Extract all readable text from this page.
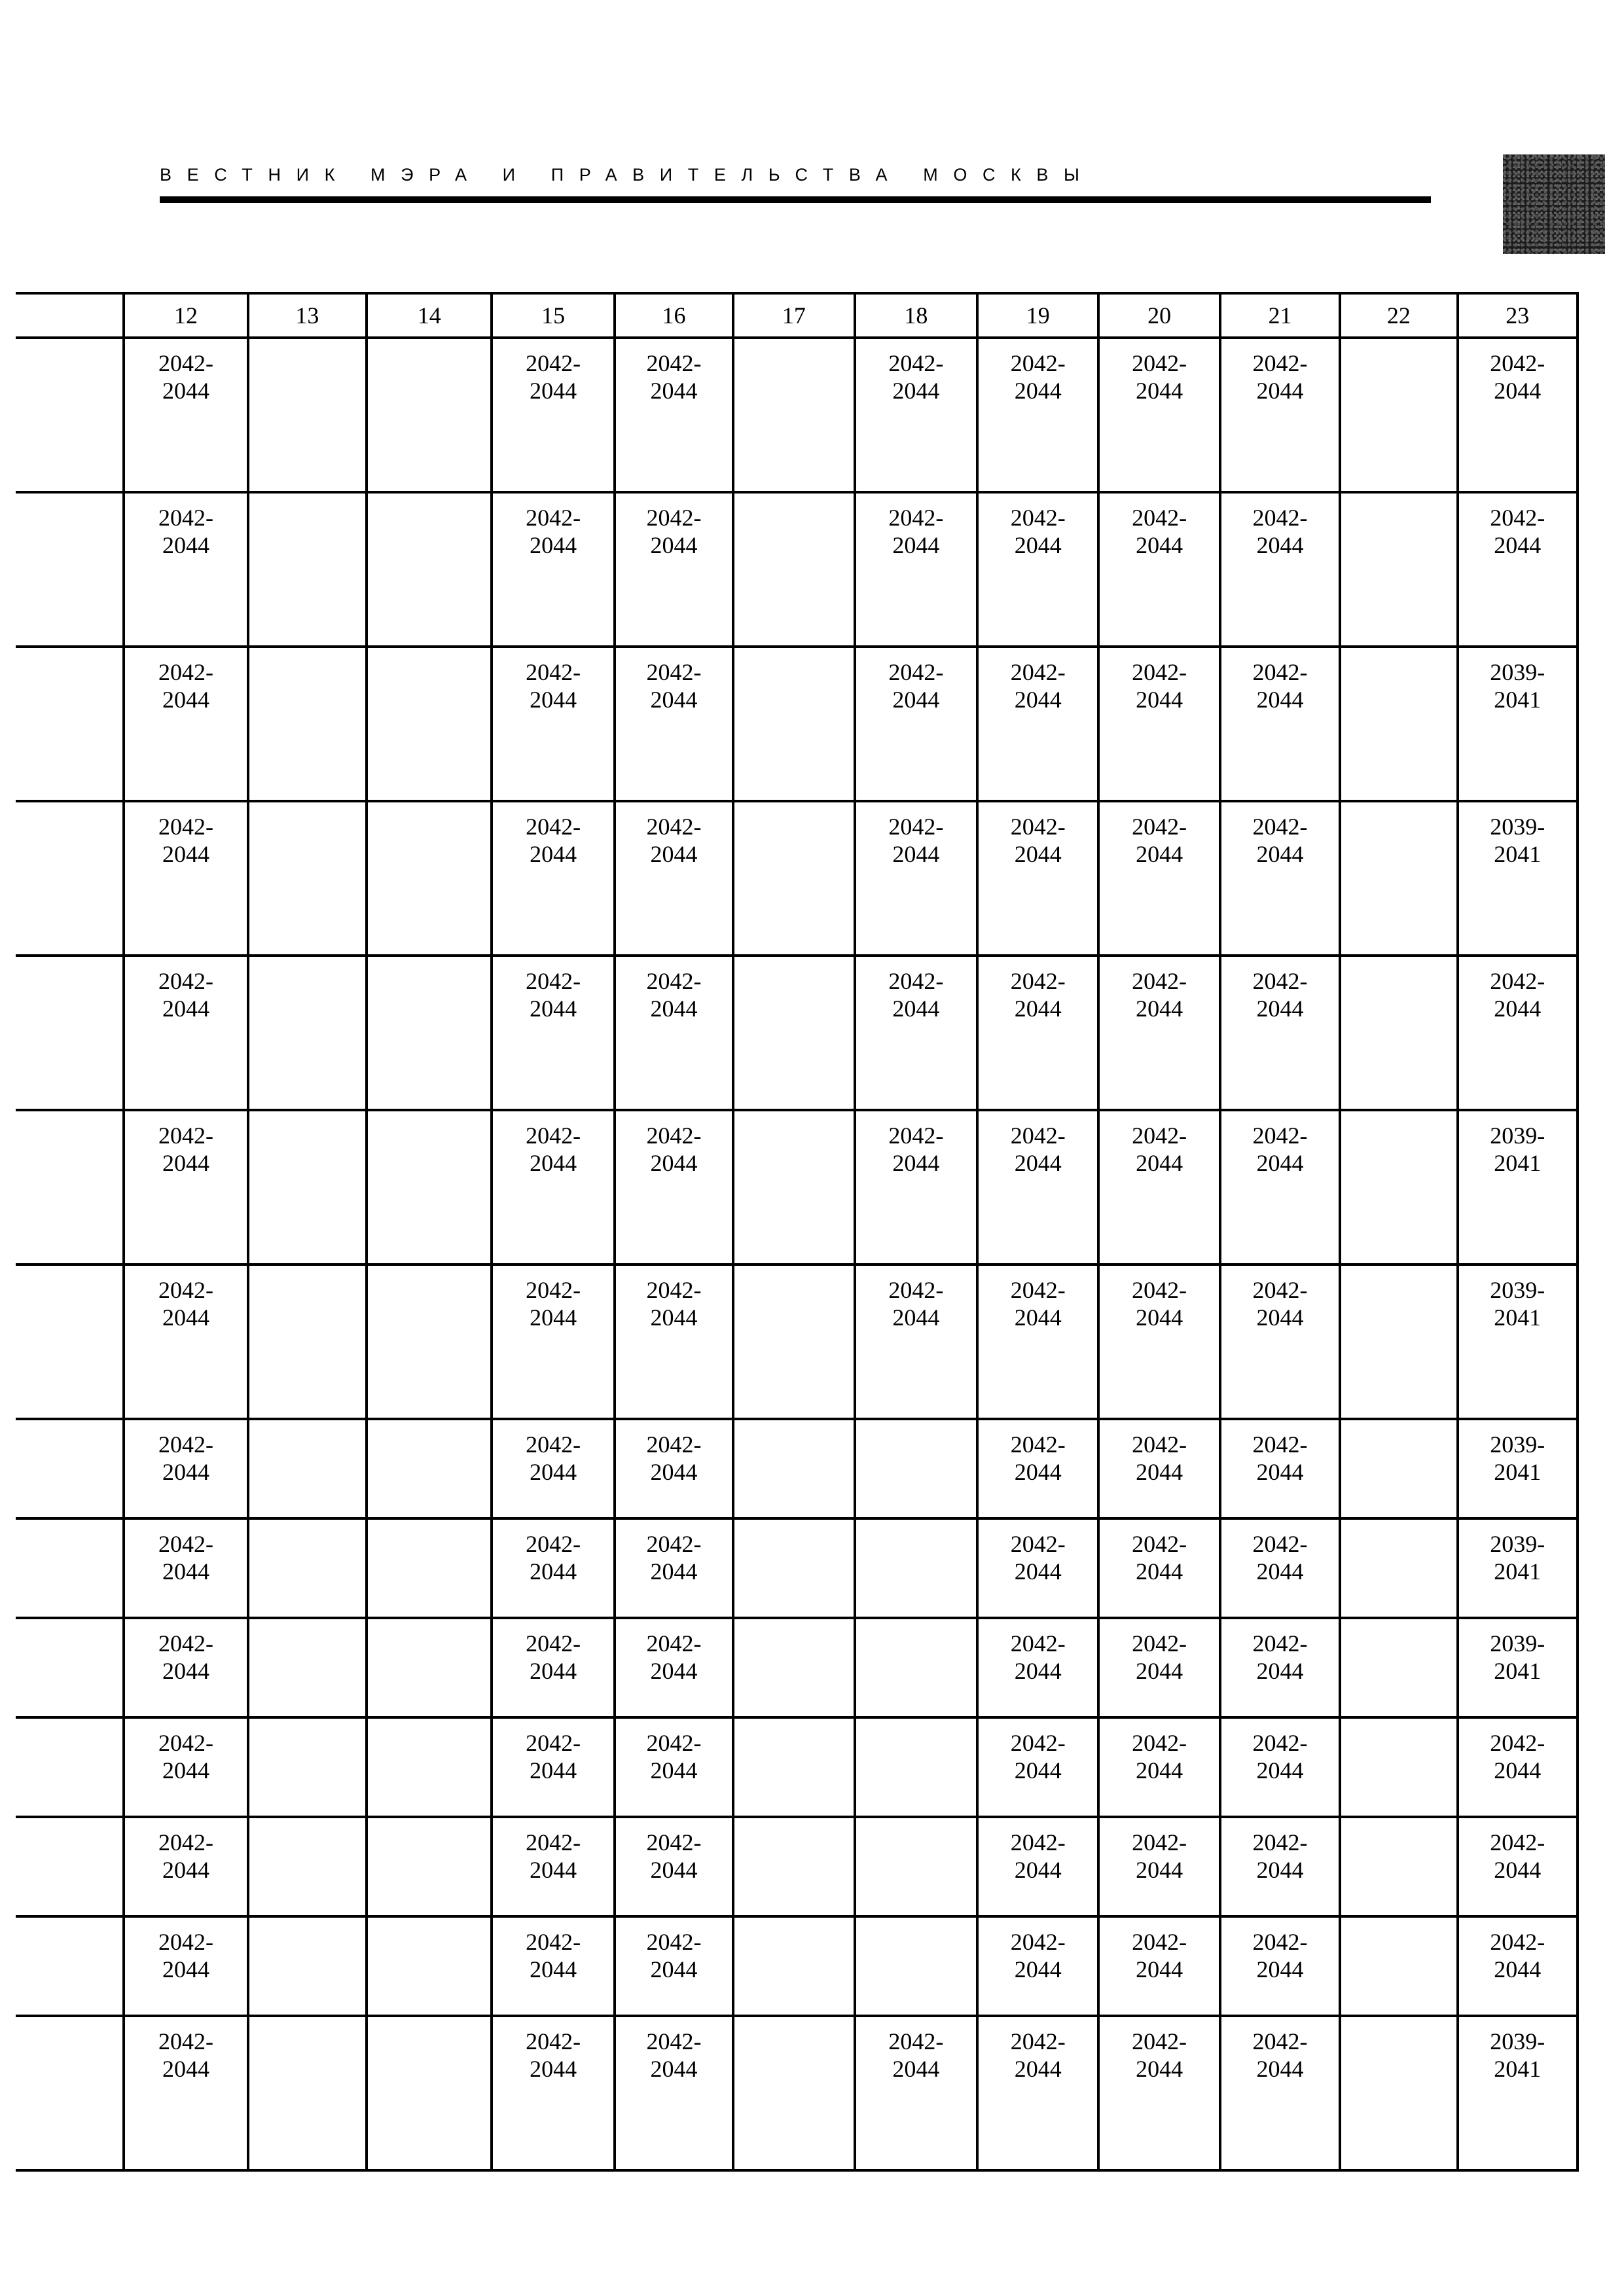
ВЕСТНИК МЭРА И ПРАВИТЕЛЬСТВА МОСКВЫ
	12	13	14	15	16	17	18	19	20	21	22	23

	2042-
2044			2042-
2044	2042-
2044		2042-
2044	2042-
2044	2042-
2044	2042-
2044		2042-
2044

	2042-
2044			2042-
2044	2042-
2044		2042-
2044	2042-
2044	2042-
2044	2042-
2044		2042-
2044

	2042-
2044			2042-
2044	2042-
2044		2042-
2044	2042-
2044	2042-
2044	2042-
2044		2039-
2041

	2042-
2044			2042-
2044	2042-
2044		2042-
2044	2042-
2044	2042-
2044	2042-
2044		2039-
2041

	2042-
2044			2042-
2044	2042-
2044		2042-
2044	2042-
2044	2042-
2044	2042-
2044		2042-
2044

	2042-
2044			2042-
2044	2042-
2044		2042-
2044	2042-
2044	2042-
2044	2042-
2044		2039-
2041

	2042-
2044			2042-
2044	2042-
2044		2042-
2044	2042-
2044	2042-
2044	2042-
2044		2039-
2041

	2042-
2044			2042-
2044	2042-
2044			2042-
2044	2042-
2044	2042-
2044		2039-
2041

	2042-
2044			2042-
2044	2042-
2044			2042-
2044	2042-
2044	2042-
2044		2039-
2041

	2042-
2044			2042-
2044	2042-
2044			2042-
2044	2042-
2044	2042-
2044		2039-
2041

	2042-
2044			2042-
2044	2042-
2044			2042-
2044	2042-
2044	2042-
2044		2042-
2044

	2042-
2044			2042-
2044	2042-
2044			2042-
2044	2042-
2044	2042-
2044		2042-
2044

	2042-
2044			2042-
2044	2042-
2044			2042-
2044	2042-
2044	2042-
2044		2042-
2044

	2042-
2044			2042-
2044	2042-
2044		2042-
2044	2042-
2044	2042-
2044	2042-
2044		2039-
2041
